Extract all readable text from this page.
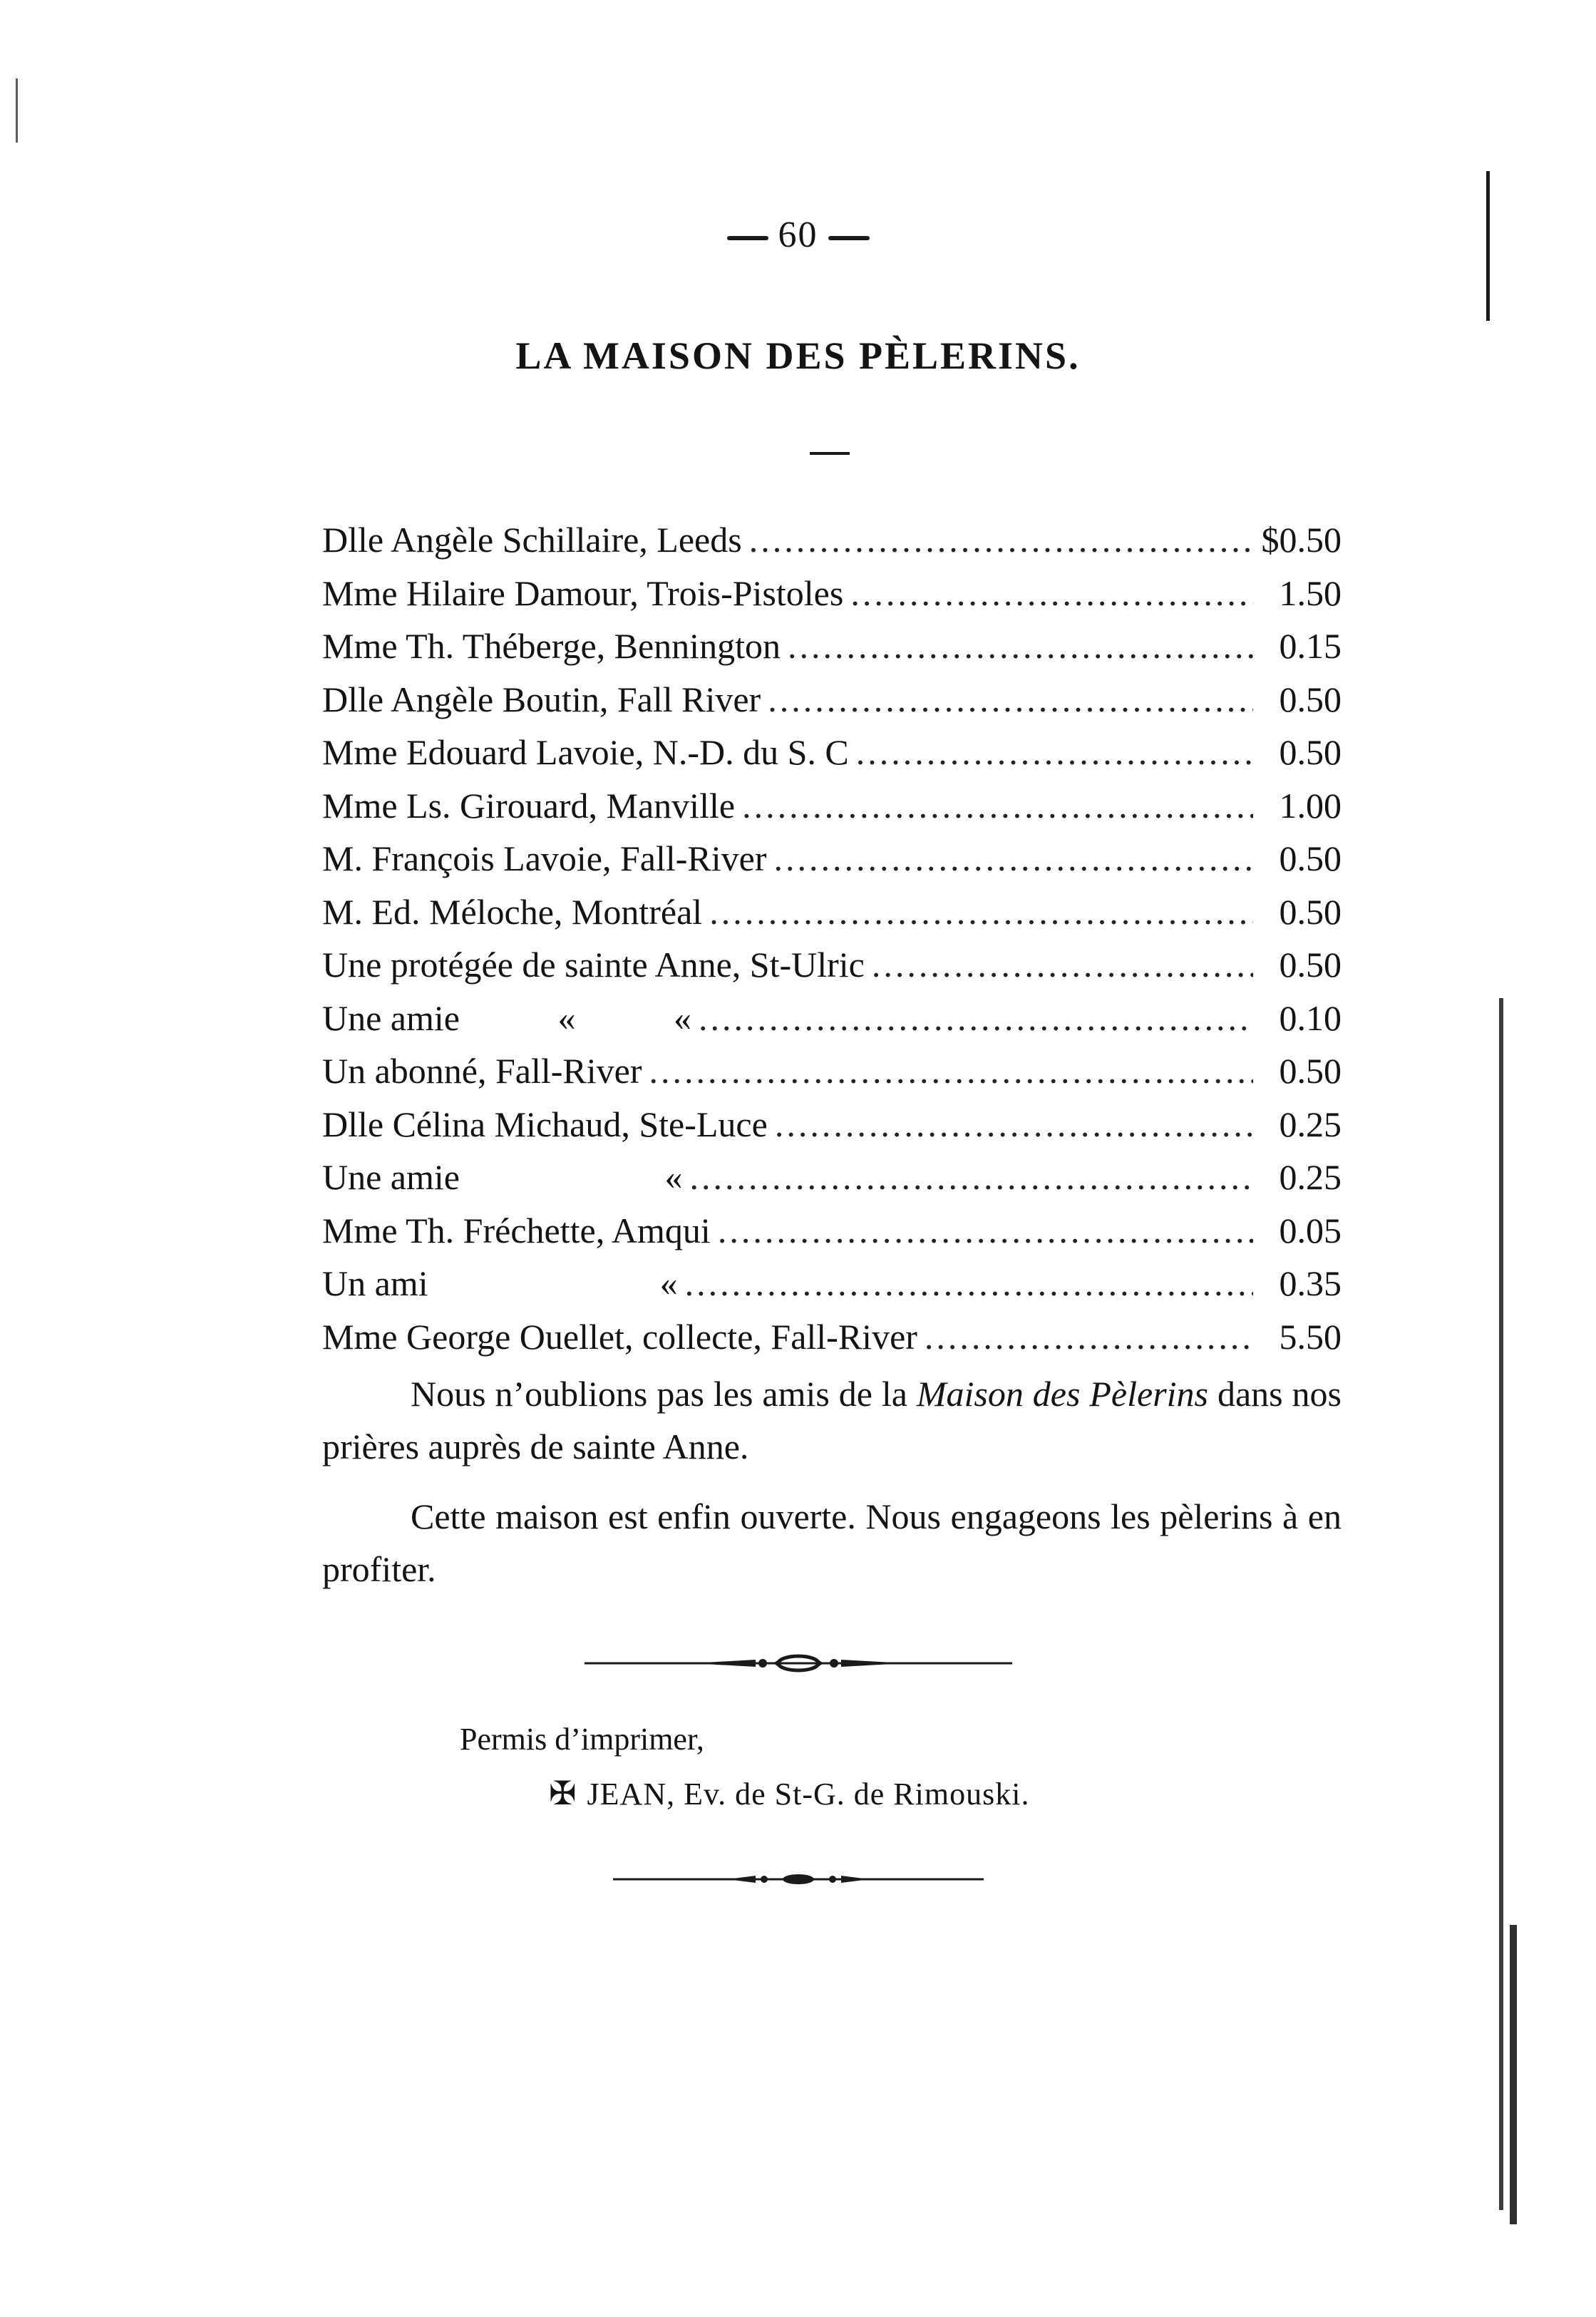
60
LA MAISON DES PÈLERINS.
Dlle Angèle Schillaire, Leeds .....	$0.50
Mme Hilaire Damour, Trois-Pistoles .....	1.50
Mme Th. Théberge, Bennington .....	0.15
Dlle Angèle Boutin, Fall River .....	0.50
Mme Edouard Lavoie, N.-D. du S. C .....	0.50
Mme Ls. Girouard, Manville .....	1.00
M. François Lavoie, Fall-River .....	0.50
M. Ed. Méloche, Montréal .....	0.50
Une protégée de sainte Anne, St-Ulric .....	0.50
Une amie           «           « .....	0.10
Un abonné, Fall-River .....	0.50
Dlle Célina Michaud, Ste-Luce .....	0.25
Une amie                       « .....	0.25
Mme Th. Fréchette, Amqui .....	0.05
Un ami                          « .....	0.35
Mme George Ouellet, collecte, Fall-River .....	5.50

Nous n’oublions pas les amis de la Maison des Pèlerins dans nos prières auprès de sainte Anne.

Cette maison est enfin ouverte. Nous engageons les pèlerins à en profiter.

Permis d’imprimer,

✠ JEAN, Ev. de St-G. de Rimouski.
